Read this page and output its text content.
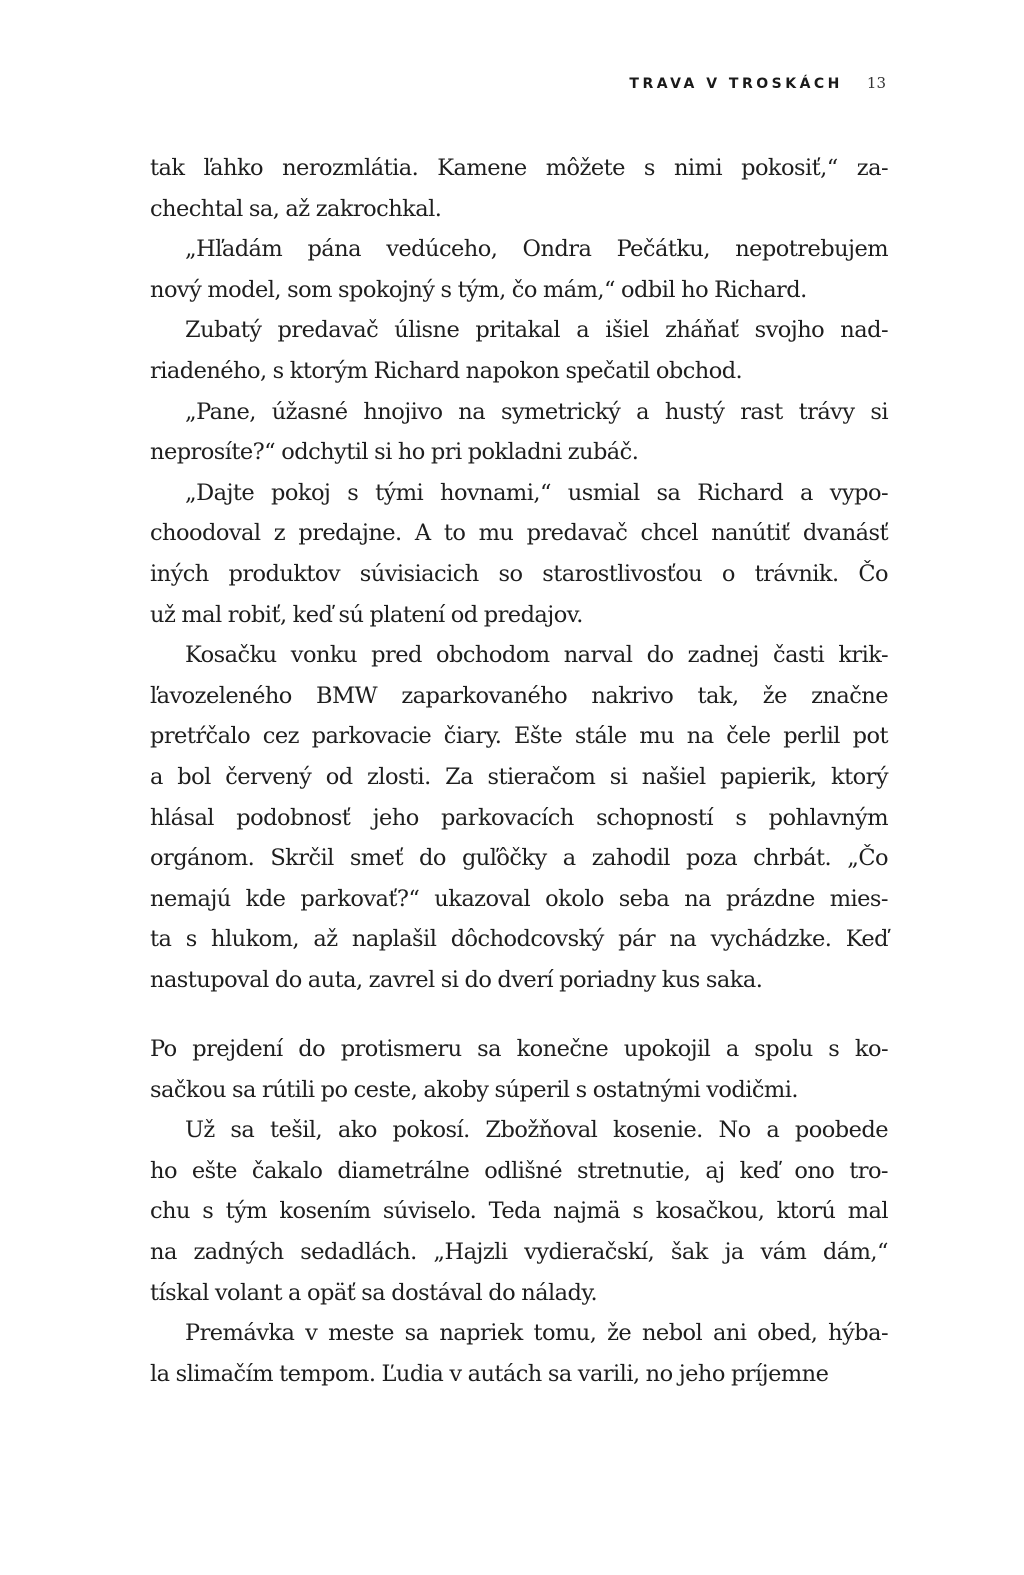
TRAVA V TROSKÁCH 13

tak ľahko nerozmlátia. Kamene môžete s nimi pokosiť,“ za-
chechtal sa, až zakrochkal.

„Hľadám pána vedúceho, Ondra Pečátku, nepotrebujem
nový model, som spokojný s tým, čo mám,“ odbil ho Richard.

Zubatý predavač úlisne pritakal a išiel zháňať svojho nad-
riadeného, s ktorým Richard napokon spečatil obchod.

„Pane, úžasné hnojivo na symetrický a hustý rast trávy si
neprosíte?“ odchytil si ho pri pokladni zubáč.

„Dajte pokoj s tými hovnami,“ usmial sa Richard a vypo-
choodoval z predajne. A to mu predavač chcel nanútiť dvanásť
iných produktov súvisiacich so starostlivosťou o trávnik. Čo
už mal robiť, keď sú platení od predajov.

Kosačku vonku pred obchodom narval do zadnej časti krik-
ľavozeleného BMW zaparkovaného nakrivo tak, že značne
pretŕčalo cez parkovacie čiary. Ešte stále mu na čele perlil pot
a bol červený od zlosti. Za stieračom si našiel papierik, ktorý
hlásal podobnosť jeho parkovacích schopností s pohlavným
orgánom. Skrčil smeť do guľôčky a zahodil poza chrbát. „Čo
nemajú kde parkovať?“ ukazoval okolo seba na prázdne mies-
ta s hlukom, až naplašil dôchodcovský pár na vychádzke. Keď
nastupoval do auta, zavrel si do dverí poriadny kus saka.

Po prejdení do protismeru sa konečne upokojil a spolu s ko-
sačkou sa rútili po ceste, akoby súperil s ostatnými vodičmi.

Už sa tešil, ako pokosí. Zbožňoval kosenie. No a poobede
ho ešte čakalo diametrálne odlišné stretnutie, aj keď ono tro-
chu s tým kosením súviselo. Teda najmä s kosačkou, ktorú mal
na zadných sedadlách. „Hajzli vydieračskí, šak ja vám dám,“
tískal volant a opäť sa dostával do nálady.

Premávka v meste sa napriek tomu, že nebol ani obed, hýba-
la slimačím tempom. Ľudia v autách sa varili, no jeho príjemne
